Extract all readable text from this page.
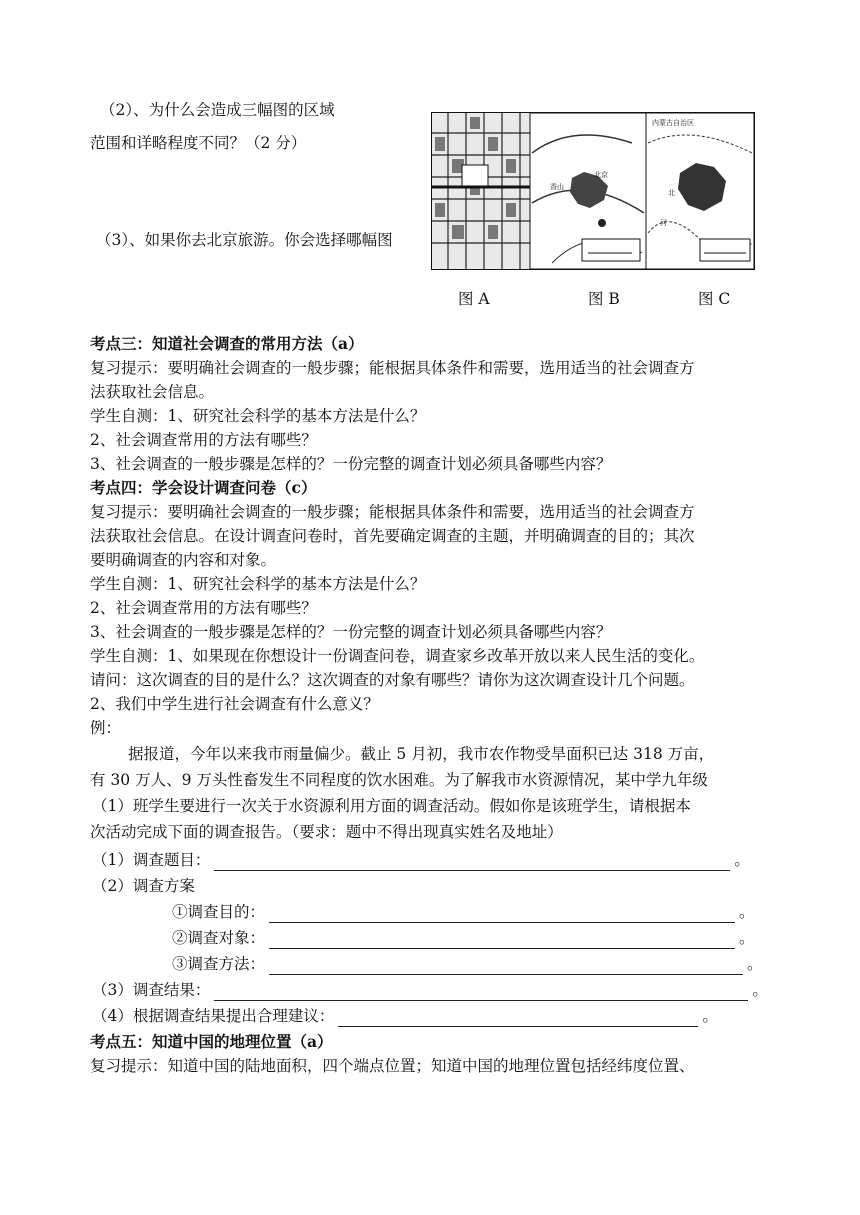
（2）、为什么会造成三幅图的区域
范围和详略程度不同？（2 分）
（3）、如果你去北京旅游。你会选择哪幅图
香山
北京
内蒙古自治区
北
河
图 A	图 B	图 C
考点三：知道社会调查的常用方法（a）
复习提示：要明确社会调查的一般步骤；能根据具体条件和需要，选用适当的社会调查方
法获取社会信息。
学生自测：1、研究社会科学的基本方法是什么？
2、社会调查常用的方法有哪些？
3、社会调查的一般步骤是怎样的？一份完整的调查计划必须具备哪些内容？
考点四：学会设计调查问卷（c）
复习提示：要明确社会调查的一般步骤；能根据具体条件和需要，选用适当的社会调查方
法获取社会信息。在设计调查问卷时，首先要确定调查的主题，并明确调查的目的；其次
要明确调查的内容和对象。
学生自测：1、研究社会科学的基本方法是什么？
2、社会调查常用的方法有哪些？
3、社会调查的一般步骤是怎样的？一份完整的调查计划必须具备哪些内容？
学生自测：1、如果现在你想设计一份调查问卷，调查家乡改革开放以来人民生活的变化。
请问：这次调查的目的是什么？这次调查的对象有哪些？请你为这次调查设计几个问题。
2、我们中学生进行社会调查有什么意义？
例：
据报道，今年以来我市雨量偏少。截止 5 月初，我市农作物受旱面积已达 318 万亩，
有 30 万人、9 万头性畜发生不同程度的饮水困难。为了解我市水资源情况，某中学九年级
（1）班学生要进行一次关于水资源利用方面的调查活动。假如你是该班学生，请根据本
次活动完成下面的调查报告。（要求：题中不得出现真实姓名及地址）
（1）调查题目：	。
（2）调查方案
①调查目的：	。
②调查对象：	。
③调查方法：	。
（3）调查结果：	。
（4）根据调查结果提出合理建议：	。
考点五：知道中国的地理位置（a）
复习提示：知道中国的陆地面积，四个端点位置；知道中国的地理位置包括经纬度位置、
